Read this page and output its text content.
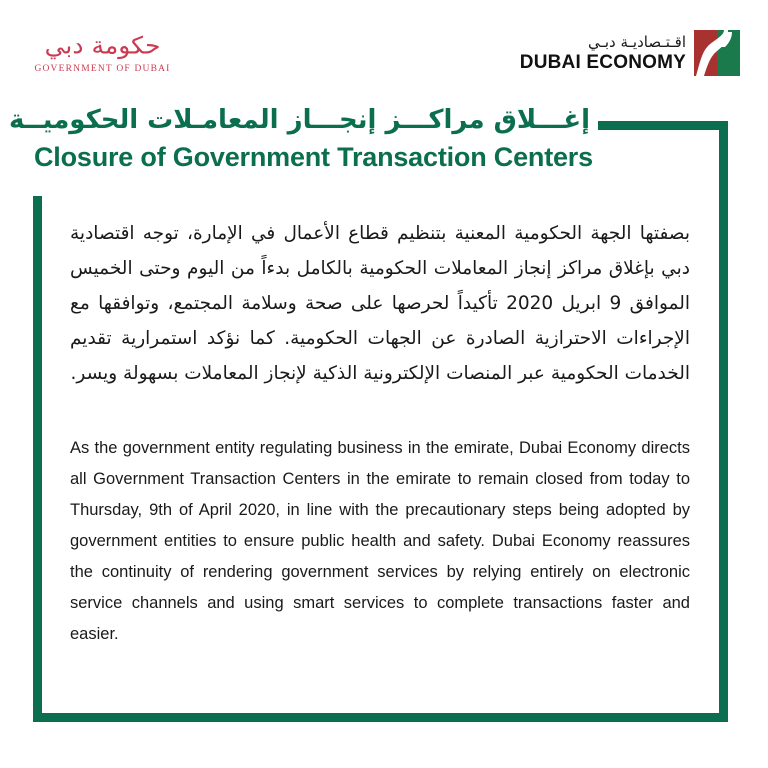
حكومة دبي
GOVERNMENT OF DUBAI
اقـتـصاديـة دبـي
DUBAI ECONOMY
إغـــلاق مراكـــز إنجـــاز المعامـلات الحكوميــة
Closure of Government Transaction Centers

بصفتها الجهة الحكومية المعنية بتنظيم قطاع الأعمال في الإمارة، توجه اقتصادية دبي بإغلاق مراكز إنجاز المعاملات الحكومية بالكامل بدءاً من اليوم وحتى الخميس الموافق 9 ابريل 2020 تأكيداً لحرصها على صحة وسلامة المجتمع، وتوافقها مع الإجراءات الاحترازية الصادرة عن الجهات الحكومية. كما نؤكد استمرارية تقديم الخدمات الحكومية عبر المنصات الإلكترونية الذكية لإنجاز المعاملات بسهولة ويسر.

As the government entity regulating business in the emirate, Dubai Economy directs all Government Transaction Centers in the emirate to remain closed from today to Thursday, 9th of April 2020, in line with the precautionary steps being adopted by government entities to ensure public health and safety. Dubai Economy reassures the continuity of rendering government services by relying entirely on electronic service channels and using smart services to complete transactions faster and easier.
